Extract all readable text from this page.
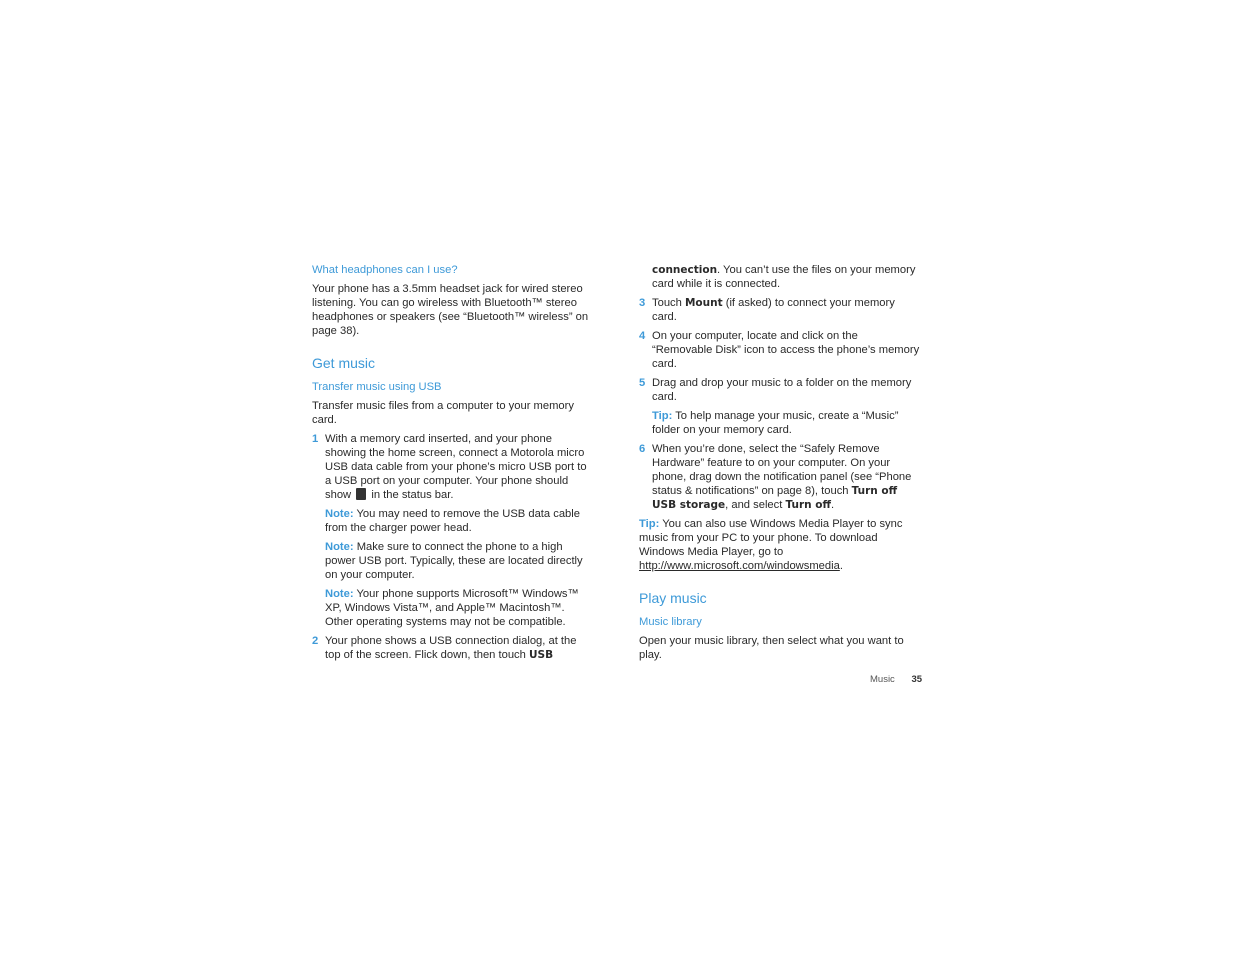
What headphones can I use?

Your phone has a 3.5mm headset jack for wired stereo listening. You can go wireless with Bluetooth™ stereo headphones or speakers (see “Bluetooth™ wireless” on page 38).

Get music
Transfer music using USB

Transfer music files from a computer to your memory card.

1 With a memory card inserted, and your phone showing the home screen, connect a Motorola micro USB data cable from your phone’s micro USB port to a USB port on your computer. Your phone should show in the status bar.
Note: You may need to remove the USB data cable from the charger power head.
Note: Make sure to connect the phone to a high power USB port. Typically, these are located directly on your computer.
Note: Your phone supports Microsoft™ Windows™ XP, Windows Vista™, and Apple™ Macintosh™. Other operating systems may not be compatible.
2 Your phone shows a USB connection dialog, at the top of the screen. Flick down, then touch USB
connection. You can’t use the files on your memory card while it is connected.
3 Touch Mount (if asked) to connect your memory card.
4 On your computer, locate and click on the “Removable Disk” icon to access the phone’s memory card.
5 Drag and drop your music to a folder on the memory card.
Tip: To help manage your music, create a “Music” folder on your memory card.
6 When you’re done, select the “Safely Remove Hardware” feature to on your computer. On your phone, drag down the notification panel (see “Phone status & notifications” on page 8), touch Turn off USB storage, and select Turn off.

Tip: You can also use Windows Media Player to sync music from your PC to your phone. To download Windows Media Player, go to http://www.microsoft.com/windowsmedia.

Play music
Music library

Open your music library, then select what you want to play.

Music 35
